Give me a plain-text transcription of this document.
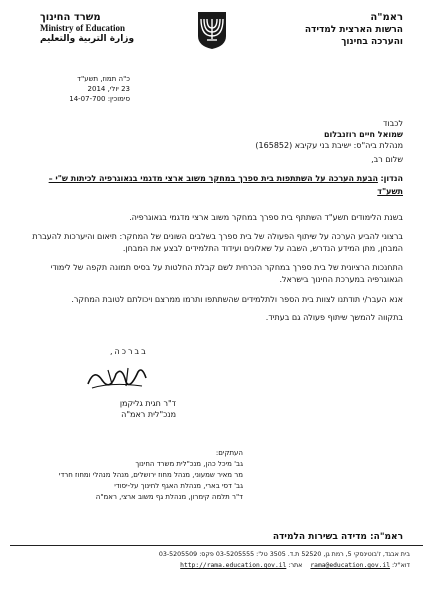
ראמ"ה
הרשות הארצית למדידה
והערכה בחינוך
משרד החינוך
Ministry of Education
وزارة التربية والتعليم
כ"ה תמוז, תשע"ד
23 יולי, 2014
סימוכין: 14-07-700
לכבוד
שמואל חיים רוזנבלום
מנהלת ביה"ס: ישיבת בני עקיבא (165852)
שלום רב,
הנדון: הבעת הערכה על השתתפות בית ספרך במחקר משוב ארצי מדגמי בגאוגרפיה לכיתות ש"י –
תשע"ד
בשנת הלימודים תשע"ד השתתף בית ספרך במחקר משוב ארצי מדגמי בגאוגרפיה.
ברצוני להביע הערכה על שיתוף הפעולה של בית ספרך בשלבים השונים של המחקר: תיאום והיערכות להעברת המבחן, מתן המידע הנדרש, השבה על שאלונים ועידוד התלמידים לבצע את המבחן.
התחנכות הרציונית של בית ספרך במחקר הכרחית לשם קבלת החלטות על בסיס תמונה תקפה של לימודי הגאוגרפיה במערכת החינוך בישראל.
אנא העבר/י תודתנו לצוות בית הספר ולתלמידים שהשתתפו ותרמו ממרצם ויכולתם לטובת המחקר.
בתקווה להמשך שיתוף פעולה גם בעתיד.
בברכה,
ד"ר חגית גליקמן
מנכ"לית ראמ"ה
העתקים:
גב' מיכל כהן, מנכ"לית משרד החינוך
מר מאיר שמעוני, מנהל מחוז ירושלים, מנהל מנהלי ומחוז חרדי
גב' דסי בארי, מנהלת האגף לחינוך על-יסודי
ד"ר תלמה קימרון, מנהלת גף משוב ארצי, ראמ"ה
ראמ"ה: מדידה בשירות הלמידה
בית אבגד, ז'בוטינסקי 5, רמת גן, 52520 ת.ד. 3505 טל': 03-5205555 פקס: 03-5205509
דוא"ל: rama@education.gov.il    אתר: http://rama.education.gov.il
